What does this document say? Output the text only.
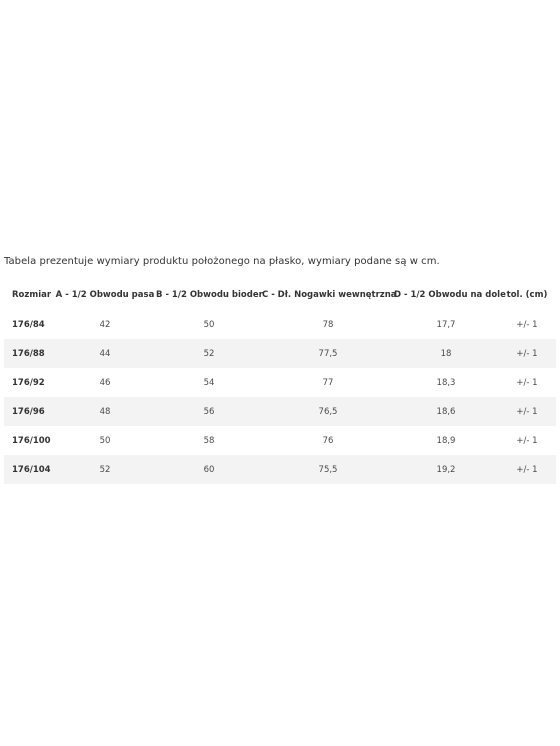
Tabela prezentuje wymiary produktu położonego na płasko, wymiary podane są w cm.
Rozmiar	A - 1/2 Obwodu pasa	B - 1/2 Obwodu bioder	C - Dł. Nogawki wewnętrzna	D - 1/2 Obwodu na dole	tol. (cm)
176/84	42	50	78	17,7	+/- 1
176/88	44	52	77,5	18	+/- 1
176/92	46	54	77	18,3	+/- 1
176/96	48	56	76,5	18,6	+/- 1
176/100	50	58	76	18,9	+/- 1
176/104	52	60	75,5	19,2	+/- 1
